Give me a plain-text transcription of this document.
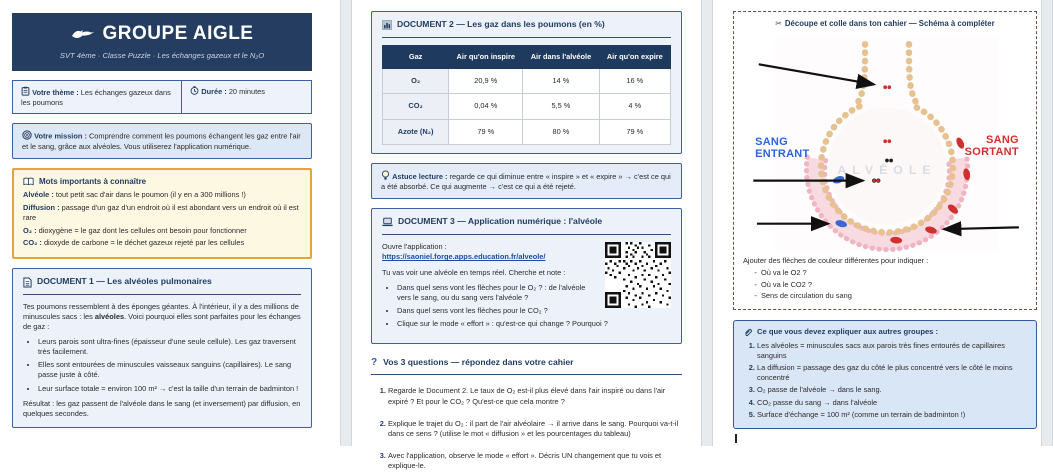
GROUPE AIGLE
SVT 4ème · Classe Puzzle · Les échanges gazeux et le N₂O
Votre thème : Les échanges gazeux dans les poumons
Durée : 20 minutes
Votre mission : Comprendre comment les poumons échangent les gaz entre l'air et le sang, grâce aux alvéoles. Vous utiliserez l'application numérique.
Mots importants à connaître
Alvéole : tout petit sac d'air dans le poumon (il y en a 300 millions !)
Diffusion : passage d'un gaz d'un endroit où il est abondant vers un endroit où il est rare
O₂ : dioxygène = le gaz dont les cellules ont besoin pour fonctionner
CO₂ : dioxyde de carbone = le déchet gazeux rejeté par les cellules
DOCUMENT 1 — Les alvéoles pulmonaires
Tes poumons ressemblent à des éponges géantes. À l'intérieur, il y a des millions de minuscules sacs : les alvéoles. Voici pourquoi elles sont parfaites pour les échanges de gaz :
• Leurs parois sont ultra-fines (épaisseur d'une seule cellule). Les gaz traversent très facilement.
• Elles sont entourées de minuscules vaisseaux sanguins (capillaires). Le sang passe juste à côté.
• Leur surface totale = environ 100 m² → c'est la taille d'un terrain de badminton !
Résultat : les gaz passent de l'alvéole dans le sang (et inversement) par diffusion, en quelques secondes.
DOCUMENT 2 — Les gaz dans les poumons (en %)
Gaz	Air qu'on inspire	Air dans l'alvéole	Air qu'on expire
O₂	20,9 %	14 %	16 %
CO₂	0,04 %	5,5 %	4 %
Azote (N₂)	79 %	80 %	79 %
Astuce lecture : regarde ce qui diminue entre « inspire » et « expire » → c'est ce qui a été absorbé. Ce qui augmente → c'est ce qui a été rejeté.
DOCUMENT 3 — Application numérique : l'alvéole
Ouvre l'application : https://saoniel.forge.apps.education.fr/alveole/
Tu vas voir une alvéole en temps réel. Cherche et note :
• Dans quel sens vont les flèches pour le O₂ ? : de l'alvéole vers le sang, ou du sang vers l'alvéole ?
• Dans quel sens vont les flèches pour le CO₂ ?
• Clique sur le mode « effort » : qu'est-ce qui change ? Pourquoi ?
? Vos 3 questions — répondez dans votre cahier
1. Regarde le Document 2. Le taux de O₂ est-il plus élevé dans l'air inspiré ou dans l'air expiré ? Et pour le CO₂ ? Qu'est-ce que cela montre ?
2. Explique le trajet du O₂ : il part de l'air alvéolaire → il arrive dans le sang. Pourquoi va-t-il dans ce sens ? (utilise le mot « diffusion » et les pourcentages du tableau)
3. Avec l'application, observe le mode « effort ». Décris UN changement que tu vois et explique-le.
✂ Découpe et colle dans ton cahier — Schéma à compléter
ALVÉOLE
SANG
ENTRANT
SANG
SORTANT
Ajouter des flèches de couleur différentes pour indiquer :
- Où va le O2 ?
- Où va le CO2 ?
- Sens de circulation du sang
Ce que vous devez expliquer aux autres groupes :
1. Les alvéoles = minuscules sacs aux parois très fines entourés de capillaires sanguins
2. La diffusion = passage des gaz du côté le plus concentré vers le côté le moins concentré
3. O₂ passe de l'alvéole → dans le sang.
4. CO₂ passe du sang → dans l'alvéole
5. Surface d'échange = 100 m² (comme un terrain de badminton !)
